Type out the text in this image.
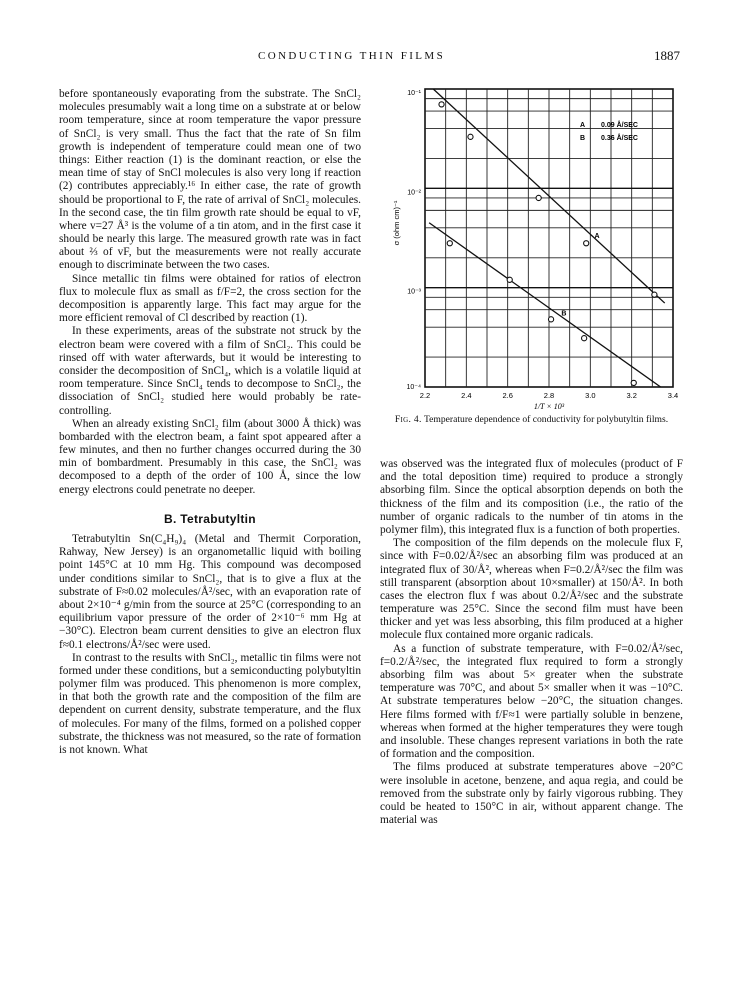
CONDUCTING THIN FILMS	1887

before spontaneously evaporating from the substrate. The SnCl₂ molecules presumably wait a long time on a substrate at or below room temperature, since at room temperature the vapor pressure of SnCl₂ is very small. Thus the fact that the rate of Sn film growth is independent of temperature could mean one of two things: Either reaction (1) is the dominant reaction, or else the mean time of stay of SnCl molecules is also very long if reaction (2) contributes appreciably.¹⁶ In either case, the rate of growth should be proportional to F, the rate of arrival of SnCl₂ molecules. In the second case, the tin film growth rate should be equal to vF, where v=27 Å³ is the volume of a tin atom, and in the first case it should be nearly this large. The measured growth rate was in fact about ⅔ of vF, but the measurements were not really accurate enough to discriminate between the two cases.

Since metallic tin films were obtained for ratios of electron flux to molecule flux as small as f/F=2, the cross section for the decomposition is apparently large. This fact may argue for the more efficient removal of Cl described by reaction (1).

In these experiments, areas of the substrate not struck by the electron beam were covered with a film of SnCl₂. This could be rinsed off with water afterwards, but it would be interesting to consider the decomposition of SnCl₄, which is a volatile liquid at room temperature. Since SnCl₄ tends to decompose to SnCl₂, the dissociation of SnCl₂ studied here would probably be rate-controlling.

When an already existing SnCl₂ film (about 3000 Å thick) was bombarded with the electron beam, a faint spot appeared after a few minutes, and then no further changes occurred during the 30 min of bombardment. Presumably in this case, the SnCl₂ was decomposed to a depth of the order of 100 Å, since the low energy electrons could penetrate no deeper.

B. Tetrabutyltin

Tetrabutyltin Sn(C₄H₉)₄ (Metal and Thermit Corporation, Rahway, New Jersey) is an organometallic liquid with boiling point 145°C at 10 mm Hg. This compound was decomposed under conditions similar to SnCl₂, that is to give a flux at the substrate of F≈0.02 molecules/Å²/sec, with an evaporation rate of about 2×10⁻⁴ g/min from the source at 25°C (corresponding to an equilibrium vapor pressure of the order of 2×10⁻⁶ mm Hg at −30°C). Electron beam current densities to give an electron flux f≈0.1 electrons/Å²/sec were used.

In contrast to the results with SnCl₂, metallic tin films were not formed under these conditions, but a semiconducting polybutyltin polymer film was produced. This phenomenon is more complex, in that both the growth rate and the composition of the film are dependent on current density, substrate temperature, and the flux of molecules. For many of the films, formed on a polished copper substrate, the thickness was not measured, so the rate of formation is not known. What

10⁻¹
10⁻²
10⁻³
10⁻⁴
2.2	2.4	2.6	2.8	3.0	3.2	3.4
1/T × 10³
σ (ohm cm)⁻¹	A
B
A 0.09 Å/SEC
B 0.36 Å/SEC
Fig. 4. Temperature dependence of conductivity for polybutyltin films.

was observed was the integrated flux of molecules (product of F and the total deposition time) required to produce a strongly absorbing film. Since the optical absorption depends on both the thickness of the film and its composition (i.e., the ratio of the number of organic radicals to the number of tin atoms in the polymer film), this integrated flux is a function of both properties.

The composition of the film depends on the molecule flux F, since with F=0.02/Å²/sec an absorbing film was produced at an integrated flux of 30/Å², whereas when F=0.2/Å²/sec the film was still transparent (absorption about 10×smaller) at 150/Å². In both cases the electron flux f was about 0.2/Å²/sec and the substrate temperature was 25°C. Since the second film must have been thicker and yet was less absorbing, this film produced at a higher molecule flux contained more organic radicals.

As a function of substrate temperature, with F=0.02/Å²/sec, f=0.2/Å²/sec, the integrated flux required to form a strongly absorbing film was about 5× greater when the substrate temperature was 70°C, and about 5× smaller when it was −10°C. At substrate temperatures below −20°C, the situation changes. Here films formed with f/F≈1 were partially soluble in benzene, whereas when formed at the higher temperatures they were tough and insoluble. These changes represent variations in both the rate of formation and the composition.

The films produced at substrate temperatures above −20°C were insoluble in acetone, benzene, and aqua regia, and could be removed from the substrate only by fairly vigorous rubbing. They could be heated to 150°C in air, without apparent change. The material was
